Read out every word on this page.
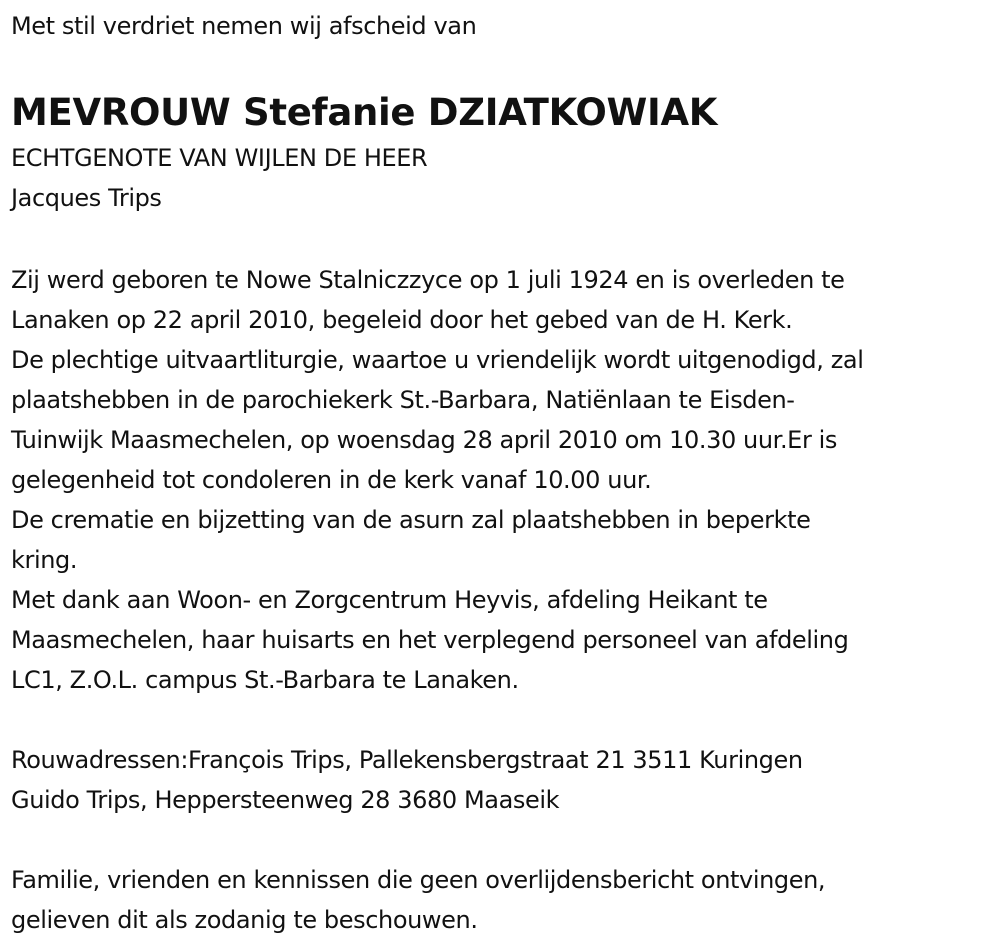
Met stil verdriet nemen wij afscheid van
MEVROUW Stefanie DZIATKOWIAK
ECHTGENOTE VAN WIJLEN DE HEER
Jacques Trips
Zij werd geboren te Nowe Stalniczzyce op 1 juli 1924 en is overleden te
Lanaken op 22 april 2010, begeleid door het gebed van de H. Kerk.
De plechtige uitvaartliturgie, waartoe u vriendelijk wordt uitgenodigd, zal
plaatshebben in de parochiekerk St.-Barbara, Natiënlaan te Eisden-
Tuinwijk Maasmechelen, op woensdag 28 april 2010 om 10.30 uur.Er is
gelegenheid tot condoleren in de kerk vanaf 10.00 uur.
De crematie en bijzetting van de asurn zal plaatshebben in beperkte
kring.
Met dank aan Woon- en Zorgcentrum Heyvis, afdeling Heikant te
Maasmechelen, haar huisarts en het verplegend personeel van afdeling
LC1, Z.O.L. campus St.-Barbara te Lanaken.
Rouwadressen:François Trips, Pallekensbergstraat 21 3511 Kuringen
Guido Trips, Heppersteenweg 28 3680 Maaseik
Familie, vrienden en kennissen die geen overlijdensbericht ontvingen,
gelieven dit als zodanig te beschouwen.
